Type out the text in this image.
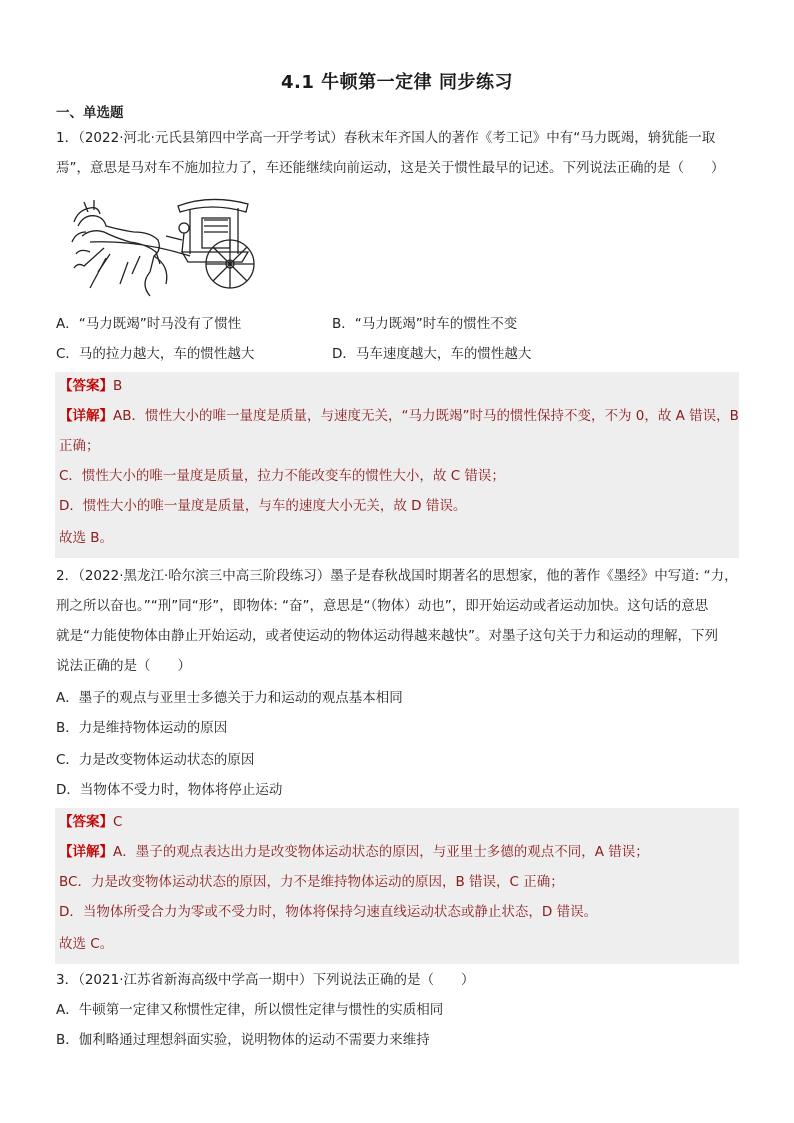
4.1 牛顿第一定律 同步练习
一、单选题
1．（2022·河北·元氏县第四中学高一开学考试）春秋末年齐国人的著作《考工记》中有“马力既竭，辀犹能一取
焉”，意思是马对车不施加拉力了，车还能继续向前运动，这是关于惯性最早的记述。下列说法正确的是（　　）
A．“马力既竭”时马没有了惯性	B．“马力既竭”时车的惯性不变
C．马的拉力越大，车的惯性越大	D．马车速度越大，车的惯性越大
【答案】B
【详解】AB．惯性大小的唯一量度是质量，与速度无关，“马力既竭”时马的惯性保持不变，不为 0，故 A 错误，B
正确；
C．惯性大小的唯一量度是质量，拉力不能改变车的惯性大小，故 C 错误；
D．惯性大小的唯一量度是质量，与车的速度大小无关，故 D 错误。
故选 B。
2．（2022·黑龙江·哈尔滨三中高三阶段练习）墨子是春秋战国时期著名的思想家，他的著作《墨经》中写道: “力，
刑之所以奋也。”“刑”同“形”，即物体: “奋”，意思是“（物体）动也”，即开始运动或者运动加快。这句话的意思
就是“力能使物体由静止开始运动，或者使运动的物体运动得越来越快”。对墨子这句关于力和运动的理解，下列
说法正确的是（　　）
A．墨子的观点与亚里士多德关于力和运动的观点基本相同
B．力是维持物体运动的原因
C．力是改变物体运动状态的原因
D．当物体不受力时，物体将停止运动
【答案】C
【详解】A．墨子的观点表达出力是改变物体运动状态的原因，与亚里士多德的观点不同，A 错误；
BC．力是改变物体运动状态的原因，力不是维持物体运动的原因，B 错误，C 正确；
D．当物体所受合力为零或不受力时，物体将保持匀速直线运动状态或静止状态，D 错误。
故选 C。
3．（2021·江苏省新海高级中学高一期中）下列说法正确的是（　　）
A．牛顿第一定律又称惯性定律，所以惯性定律与惯性的实质相同
B．伽利略通过理想斜面实验，说明物体的运动不需要力来维持
